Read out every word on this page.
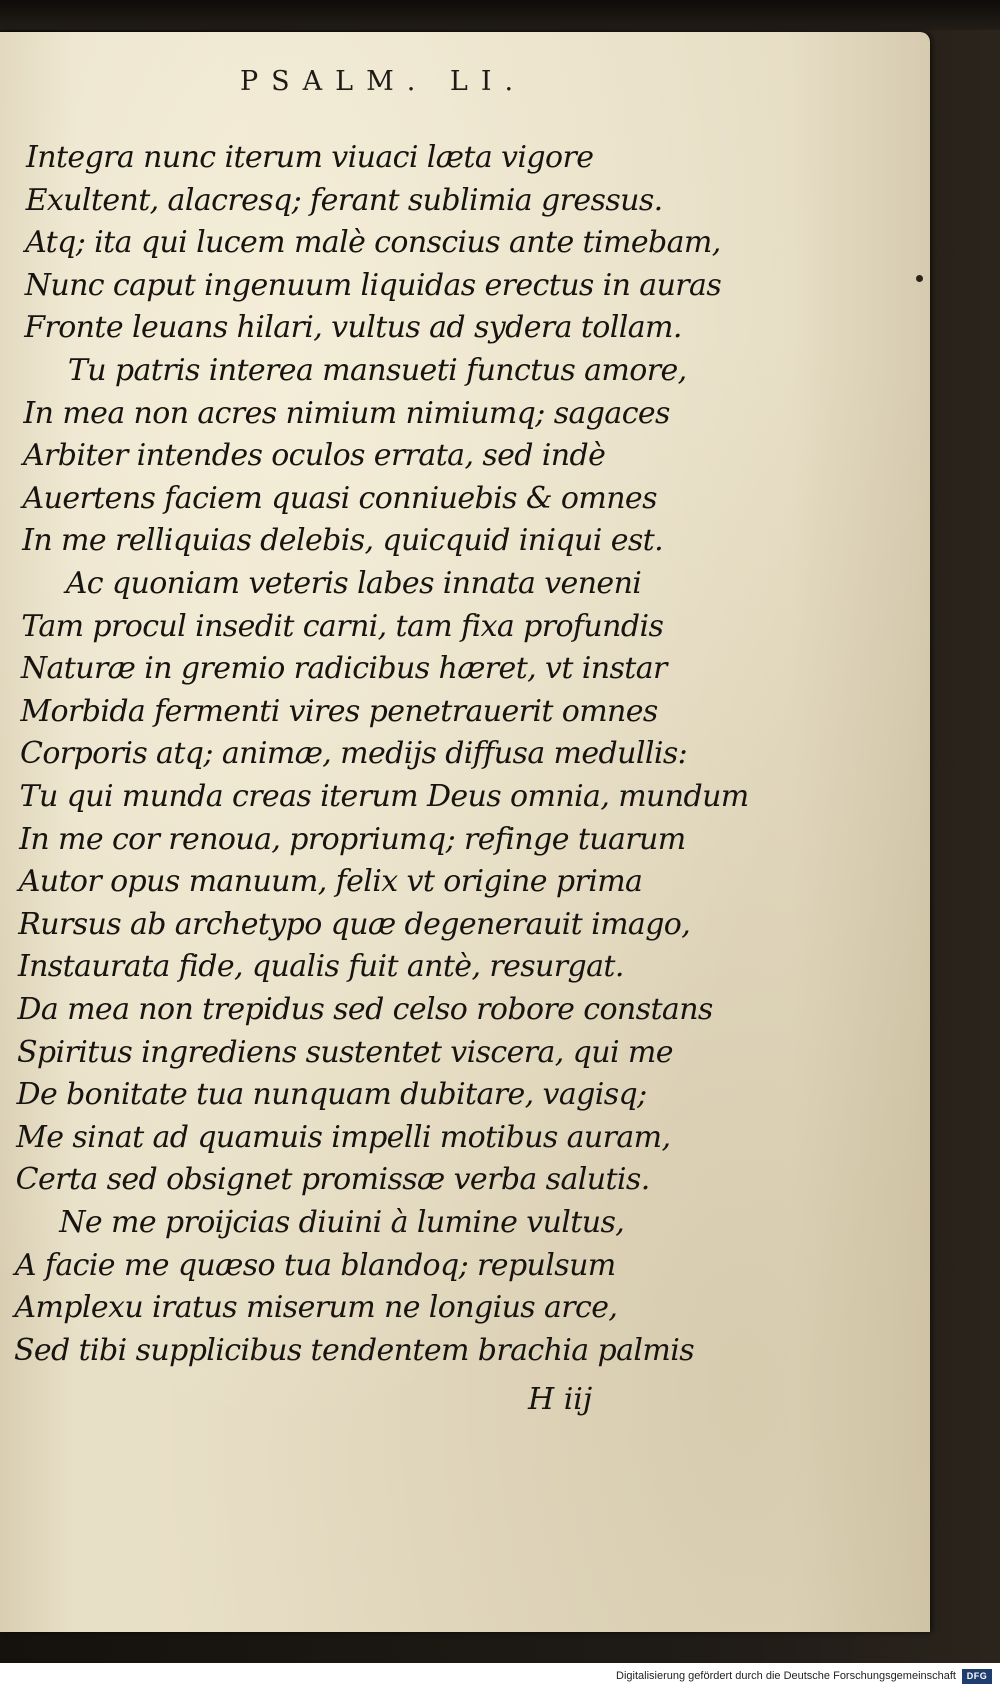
PSALM. LI.
Integra nunc iterum viuaci læta vigore
Exultent, alacresq; ferant sublimia gressus.
Atq; ita qui lucem malè conscius ante timebam,
Nunc caput ingenuum liquidas erectus in auras
Fronte leuans hilari, vultus ad sydera tollam.
Tu patris interea mansueti functus amore,
In mea non acres nimium nimiumq; sagaces
Arbiter intendes oculos errata, sed indè
Auertens faciem quasi conniuebis & omnes
In me relliquias delebis, quicquid iniqui est.
Ac quoniam veteris labes innata veneni
Tam procul insedit carni, tam fixa profundis
Naturæ in gremio radicibus hæret, vt instar
Morbida fermenti vires penetrauerit omnes
Corporis atq; animæ, medijs diffusa medullis:
Tu qui munda creas iterum Deus omnia, mundum
In me cor renoua, propriumq; refinge tuarum
Autor opus manuum, felix vt origine prima
Rursus ab archetypo quæ degenerauit imago,
Instaurata fide, qualis fuit antè, resurgat.
Da mea non trepidus sed celso robore constans
Spiritus ingrediens sustentet viscera, qui me
De bonitate tua nunquam dubitare, vagisq;
Me sinat ad quamuis impelli motibus auram,
Certa sed obsignet promissæ verba salutis.
Ne me proijcias diuini à lumine vultus,
A facie me quæso tua blandoq; repulsum
Amplexu iratus miserum ne longius arce,
Sed tibi supplicibus tendentem brachia palmis
H iij
Digitalisierung gefördert durch die Deutsche Forschungsgemeinschaft	DFG
